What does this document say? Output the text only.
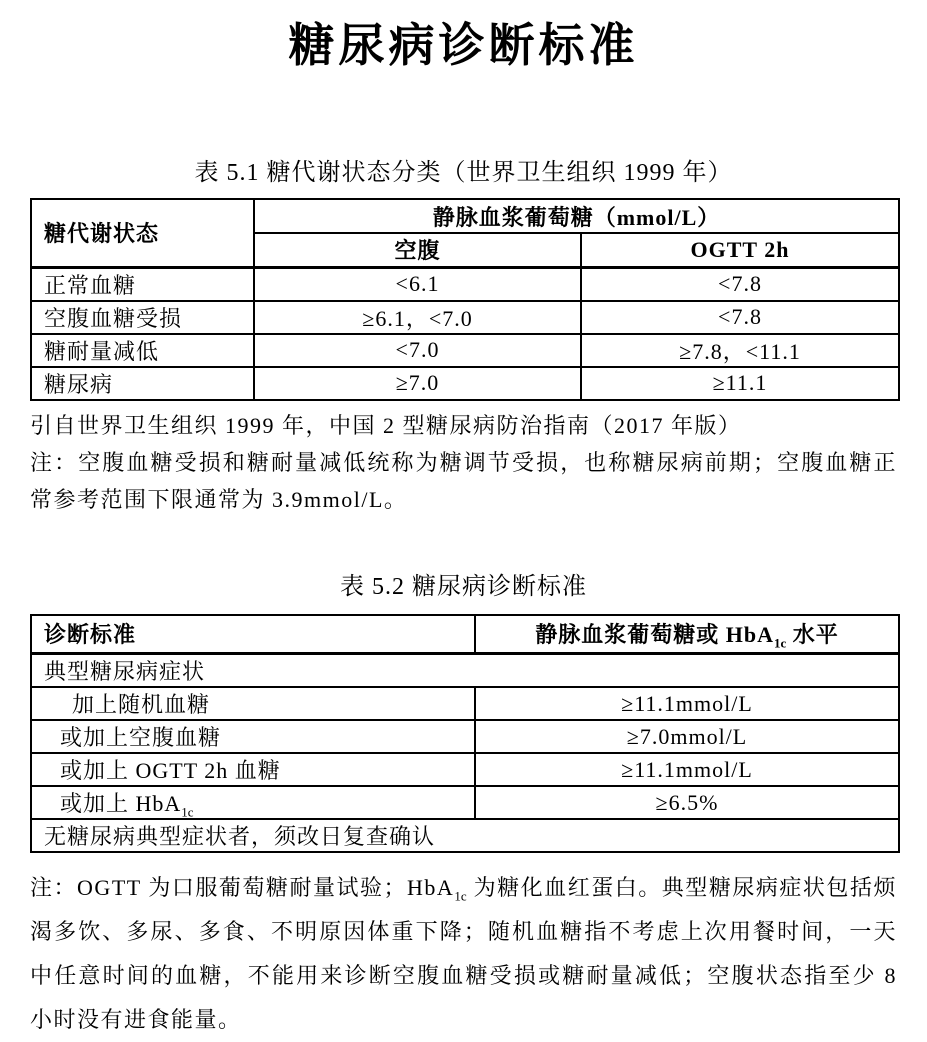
糖尿病诊断标准
表 5.1 糖代谢状态分类（世界卫生组织 1999 年）
糖代谢状态	静脉血浆葡萄糖（mmol/L）	
	空腹	OGTT 2h
正常血糖	<6.1	<7.8
空腹血糖受损	≥6.1，<7.0	<7.8
糖耐量减低	<7.0	≥7.8，<11.1
糖尿病	≥7.0	≥11.1

引自世界卫生组织 1999 年，中国 2 型糖尿病防治指南（2017 年版）

注：空腹血糖受损和糖耐量减低统称为糖调节受损，也称糖尿病前期；空腹血糖正常参考范围下限通常为 3.9mmol/L。

表 5.2 糖尿病诊断标准
诊断标准	静脉血浆葡萄糖或 HbA$_{1c}$ 水平
典型糖尿病症状	
加上随机血糖	≥11.1mmol/L
或加上空腹血糖	≥7.0mmol/L
或加上 OGTT 2h 血糖	≥11.1mmol/L
或加上 HbA$_{1c}$	≥6.5%
无糖尿病典型症状者，须改日复查确认	

注：OGTT 为口服葡萄糖耐量试验；HbA$_{1c}$ 为糖化血红蛋白。典型糖尿病症状包括烦渴多饮、多尿、多食、不明原因体重下降；随机血糖指不考虑上次用餐时间，一天中任意时间的血糖，不能用来诊断空腹血糖受损或糖耐量减低；空腹状态指至少 8 小时没有进食能量。
